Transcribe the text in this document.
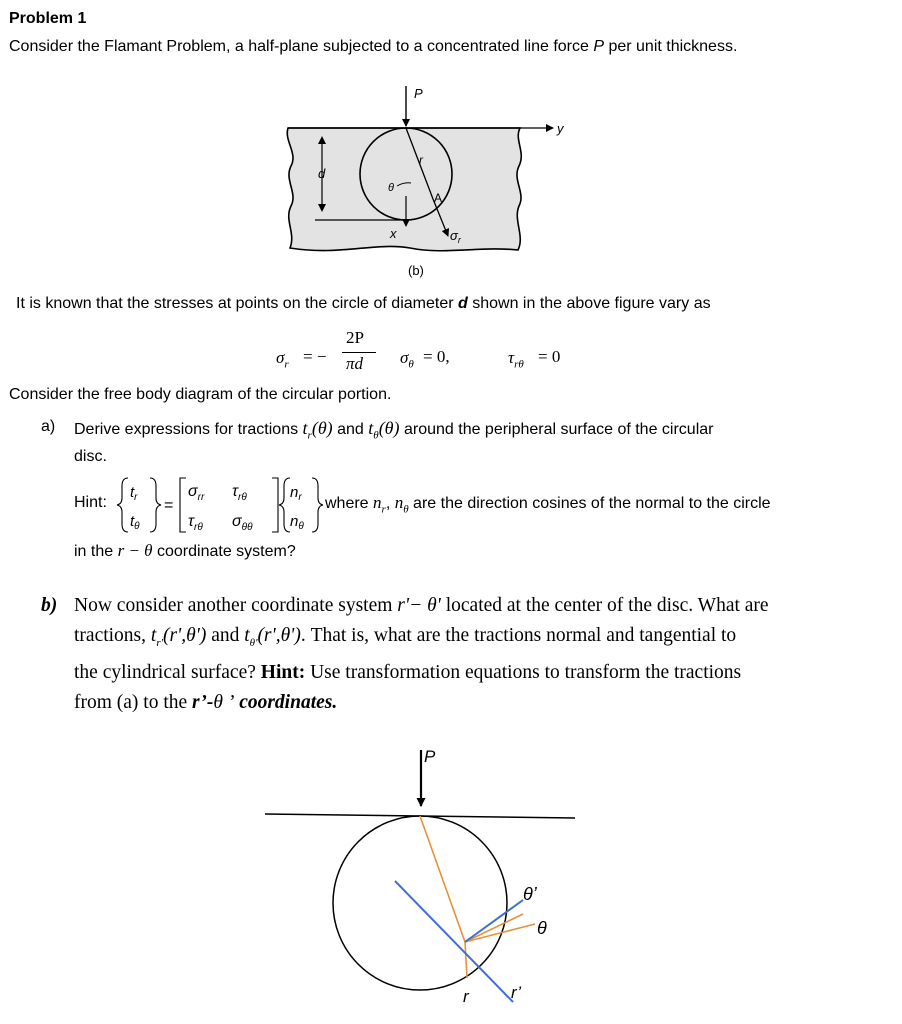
Problem 1
Consider the Flamant Problem, a half-plane subjected to a concentrated line force P per unit thickness.
P
y
d
r
θ
A
x	$\sigma_r$
(b)
It is known that the stresses at points on the circle of diameter d shown in the above figure vary as
$\sigma_r$ = −
2P
πd $\sigma_\theta = 0$,	$\tau_{r\theta} = 0$
Consider the free body diagram of the circular portion.
a) Derive expressions for tractions $t_r(\theta)$ and $t_\theta(\theta)$ around the peripheral surface of the circular
disc.
Hint:
$t_r$
$t_\theta$
=
$\sigma_{rr}$ $\tau_{r\theta}$
$\tau_{r\theta}$ $\sigma_{\theta\theta}$
$n_r$
$n_\theta$
where $n_r$, $n_\theta$ are the direction cosines of the normal to the circle
in the r − θ coordinate system?
b) Now consider another coordinate system r'− θ' located at the center of the disc. What are
tractions, $t_{r'}(r',\theta')$ and $t_{\theta'}(r',\theta')$. That is, what are the tractions normal and tangential to
the cylindrical surface? Hint: Use transformation equations to transform the tractions
from (a) to the r’-θ ’ coordinates.
P
θ’
θ
r r’
